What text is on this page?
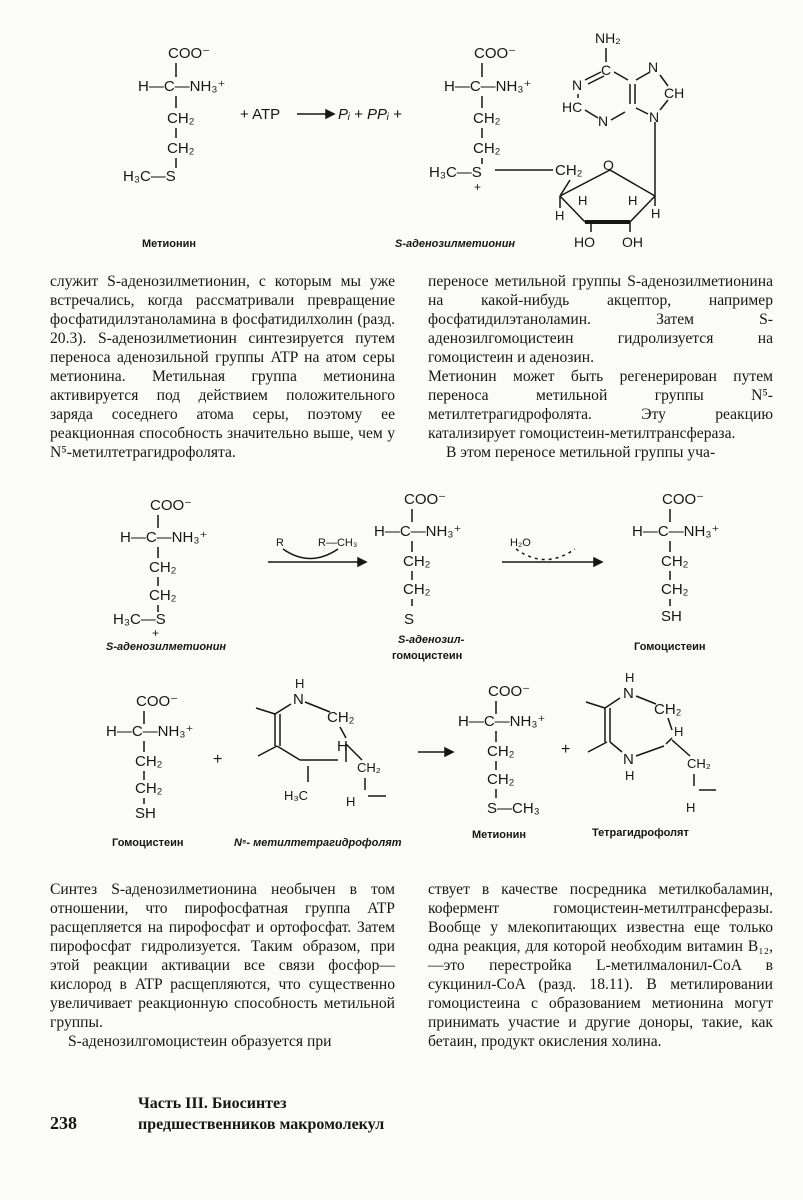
COO⁻
H—C—NH₃⁺
CH₂
CH₂
H₃C—S
Метионин
+ ATP	Pᵢ + PPᵢ +
COO⁻
H—C—NH₃⁺
CH₂
CH₂
H₃C—S
+
CH₂ O
H	H
H	H
HO OH
S-аденозилметионин
NH₂
C
N
HC
N
N
CH
N
COO⁻
H—C—NH₃⁺
CH₂
CH₂
H₃C—S
+
S-аденозилметионин
R	R—CH₃
COO⁻
H—C—NH₃⁺
CH₂
CH₂
S
S-аденозил-
гомоцистеин
H₂O
COO⁻
H—C—NH₃⁺
CH₂
CH₂
SH
Гомоцистеин
COO⁻
H—C—NH₃⁺
CH₂
CH₂
SH
Гомоцистеин
+
H
N
CH₂
H
H₃C
CH₂
H
N⁵- метилтетрагидрофолят
COO⁻
H—C—NH₃⁺
CH₂
CH₂
S—CH₃
Метионин
+
H
N
CH₂
H
N
H
CH₂
H
Тетрагидрофолят

служит S-аденозилметионин, с которым мы уже встречались, когда рассматривали превращение фосфатидилэтаноламина в фосфатидилхолин (разд. 20.3). S-аденозилметионин синтезируется путем переноса аденозильной группы ATP на атом серы метионина. Метильная группа метионина активируется под действием положительного заряда соседнего атома серы, поэтому ее реакционная способность значительно выше, чем у N⁵-метилтетрагидрофолята.

переносе метильной группы S-аденозилметионина на какой-нибудь акцептор, например фосфатидилэтаноламин. Затем S-аденозилгомоцистеин гидролизуется на гомоцистеин и аденозин.

Метионин может быть регенерирован путем переноса метильной группы N⁵-метилтетрагидрофолята. Эту реакцию катализирует гомоцистеин-метилтрансфераза.

В этом переносе метильной группы уча-

Синтез S-аденозилметионина необычен в том отношении, что пирофосфатная группа ATP расщепляется на пирофосфат и ортофосфат. Затем пирофосфат гидролизуется. Таким образом, при этой реакции активации все связи фосфор—кислород в ATP расщепляются, что существенно увеличивает реакционную способность метильной группы.

S-аденозилгомоцистеин образуется при

ствует в качестве посредника метилкобаламин, кофермент гомоцистеин-метилтрансферазы. Вообще у млекопитающих известна еще только одна реакция, для которой необходим витамин B₁₂,—это перестройка L-метилмалонил-CoA в сукцинил-CoA (разд. 18.11). В метилировании гомоцистеина с образованием метионина могут принимать участие и другие доноры, такие, как бетаин, продукт окисления холина.

238
Часть III. Биосинтез
предшественников макромолекул
